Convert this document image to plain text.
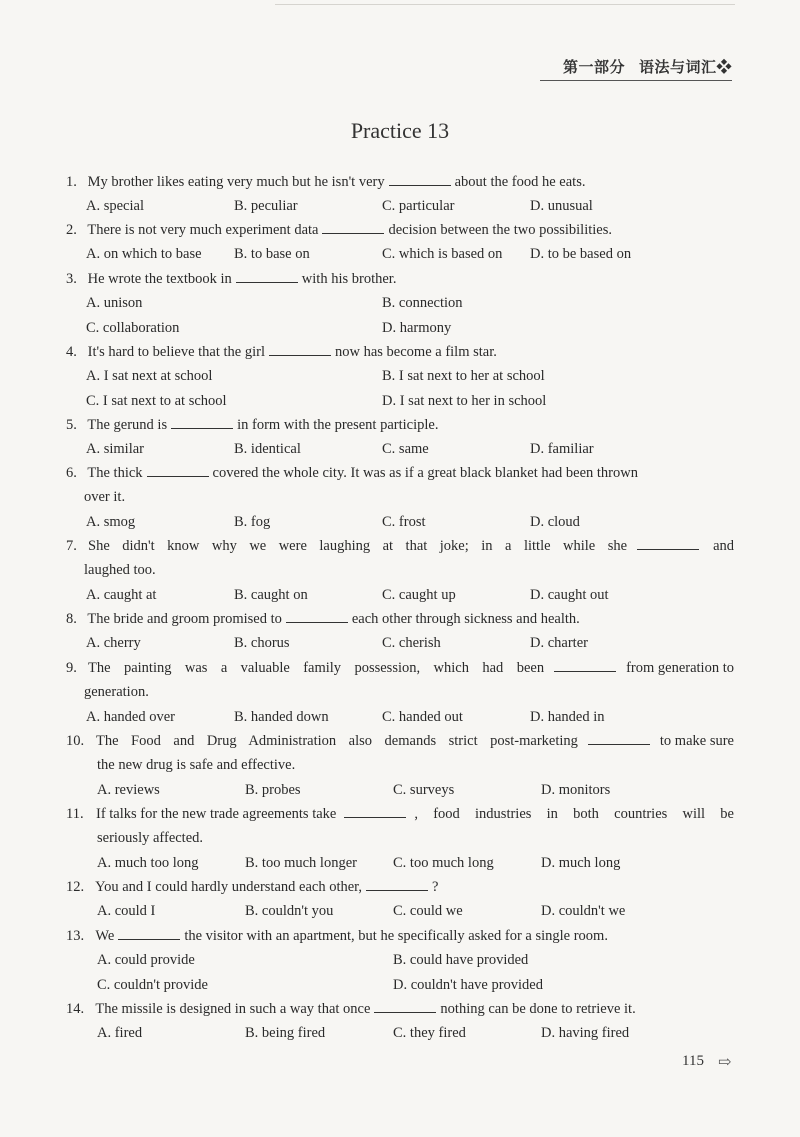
第一部分 语法与词汇❖
Practice 13
1. My brother likes eating very much but he isn't very	about the food he eats.
A. special	B. peculiar	C. particular	D. unusual
2. There is not very much experiment data	decision between the two possibilities.
A. on which to base	B. to base on	C. which is based on	D. to be based on
3. He wrote the textbook in	with his brother.
A. unison	B. connection
C. collaboration	D. harmony
4. It's hard to believe that the girl	now has become a film star.
A. I sat next at school	B. I sat next to her at school
C. I sat next to at school	D. I sat next to her in school
5. The gerund is	in form with the present participle.
A. similar	B. identical	C. same	D. familiar
6. The thick	covered the whole city. It was as if a great black blanket had been thrown
over it.
A. smog	B. fog	C. frost	D. cloud
7. She didn't know why we were laughing at that joke; in a little while she	and
laughed too.
A. caught at	B. caught on	C. caught up	D. caught out
8. The bride and groom promised to	each other through sickness and health.
A. cherry	B. chorus	C. cherish	D. charter
9. The painting was a valuable family possession, which had been	from generation to
generation.
A. handed over	B. handed down	C. handed out	D. handed in
10. The Food and Drug Administration also demands strict post-marketing	to make sure
the new drug is safe and effective.
A. reviews	B. probes	C. surveys	D. monitors
11. If talks for the new trade agreements take	, food industries in both countries will be
seriously affected.
A. much too long	B. too much longer	C. too much long	D. much long
12. You and I could hardly understand each other,	?
A. could I	B. couldn't you	C. could we	D. couldn't we
13. We	the visitor with an apartment, but he specifically asked for a single room.
A. could provide	B. could have provided
C. couldn't provide	D. couldn't have provided
14. The missile is designed in such a way that once	nothing can be done to retrieve it.
A. fired	B. being fired	C. they fired	D. having fired
115 ⇨
